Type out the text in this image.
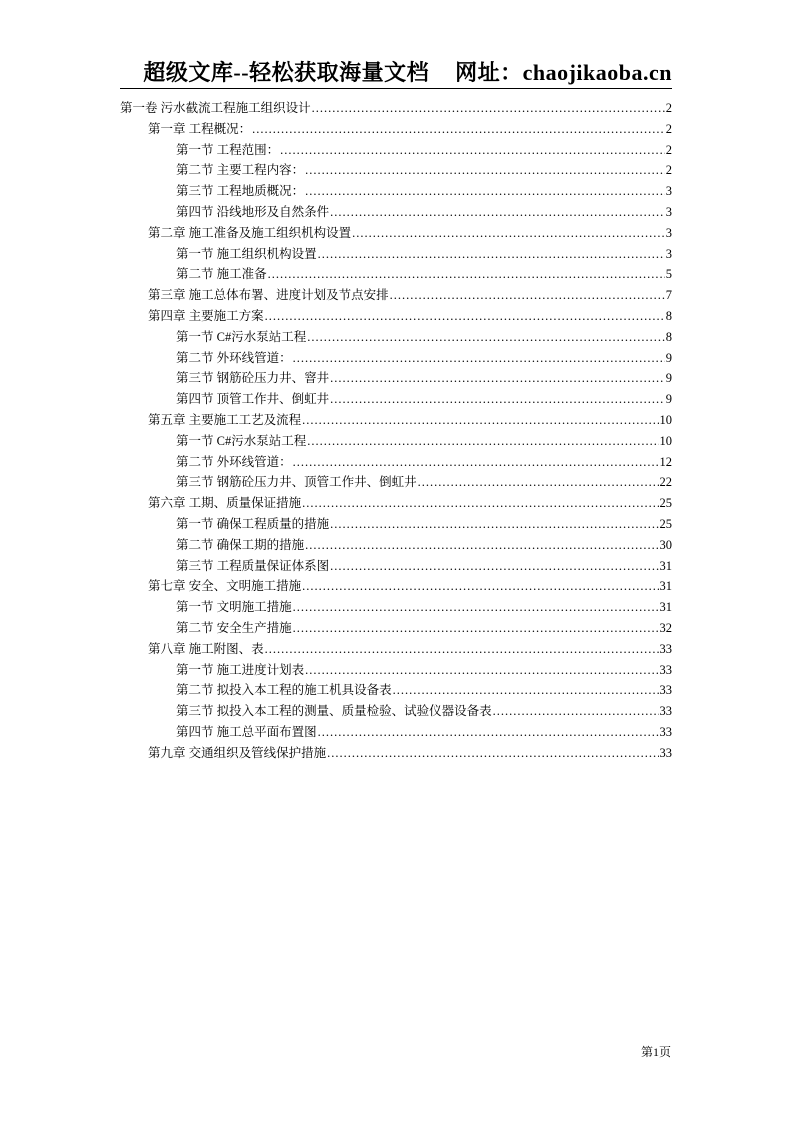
超级文库--轻松获取海量文档 网址：chaojikaoba.cn
第一卷 污水截流工程施工组织设计 .....	2
第一章 工程概况： .....	2
第一节 工程范围： .....	2
第二节 主要工程内容： .....	2
第三节 工程地质概况： .....	3
第四节 沿线地形及自然条件 .....	3
第二章 施工准备及施工组织机构设置 .....	3
第一节 施工组织机构设置 .....	3
第二节 施工准备 .....	5
第三章 施工总体布署、进度计划及节点安排 .....	7
第四章 主要施工方案 .....	8
第一节 C#污水泵站工程 .....	8
第二节 外环线管道： .....	9
第三节 钢筋砼压力井、窨井 .....	9
第四节 顶管工作井、倒虹井 .....	9
第五章 主要施工工艺及流程 .....	10
第一节 C#污水泵站工程 .....	10
第二节 外环线管道： .....	12
第三节 钢筋砼压力井、顶管工作井、倒虹井 .....	22
第六章 工期、质量保证措施 .....	25
第一节 确保工程质量的措施 .....	25
第二节 确保工期的措施 .....	30
第三节 工程质量保证体系图 .....	31
第七章 安全、文明施工措施 .....	31
第一节 文明施工措施 .....	31
第二节 安全生产措施 .....	32
第八章 施工附图、表 .....	33
第一节 施工进度计划表 .....	33
第二节 拟投入本工程的施工机具设备表 .....	33
第三节 拟投入本工程的测量、质量检验、试验仪器设备表 .....	33
第四节 施工总平面布置图 .....	33
第九章 交通组织及管线保护措施 .....	33
第1页
